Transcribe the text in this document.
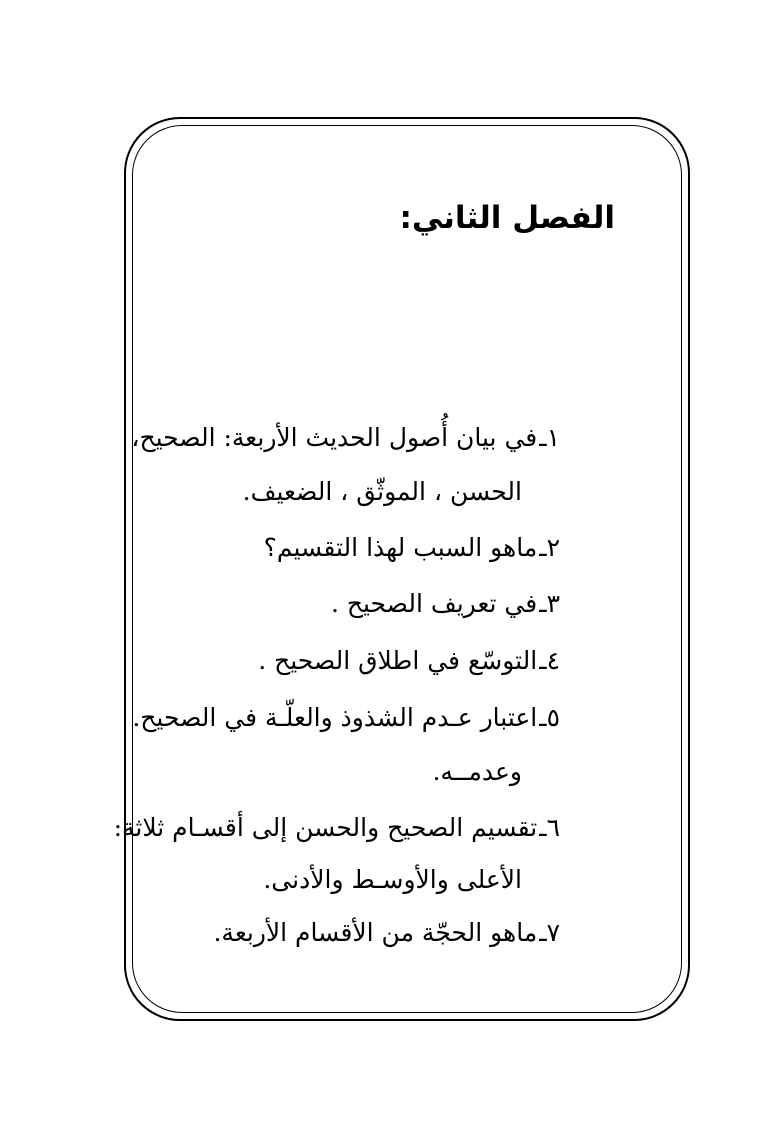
الفصل الثاني:
١ـفي بيان أُصول الحديث الأربعة: الصحيح،
الحسن ، الموثّق ، الضعيف.
٢ـماهو السبب لهذا التقسيم؟
٣ـفي تعريف الصحيح .
٤ـالتوسّع في اطلاق الصحيح .
٥ـاعتبار عـدم الشذوذ والعلّـة في الصحيح.
وعدمــه.
٦ـتقسيم الصحيح والحسن إلى أقسـام ثلاثة:
الأعلى والأوسـط والأدنى.
٧ـماهو الحجّة من الأقسام الأربعة.
